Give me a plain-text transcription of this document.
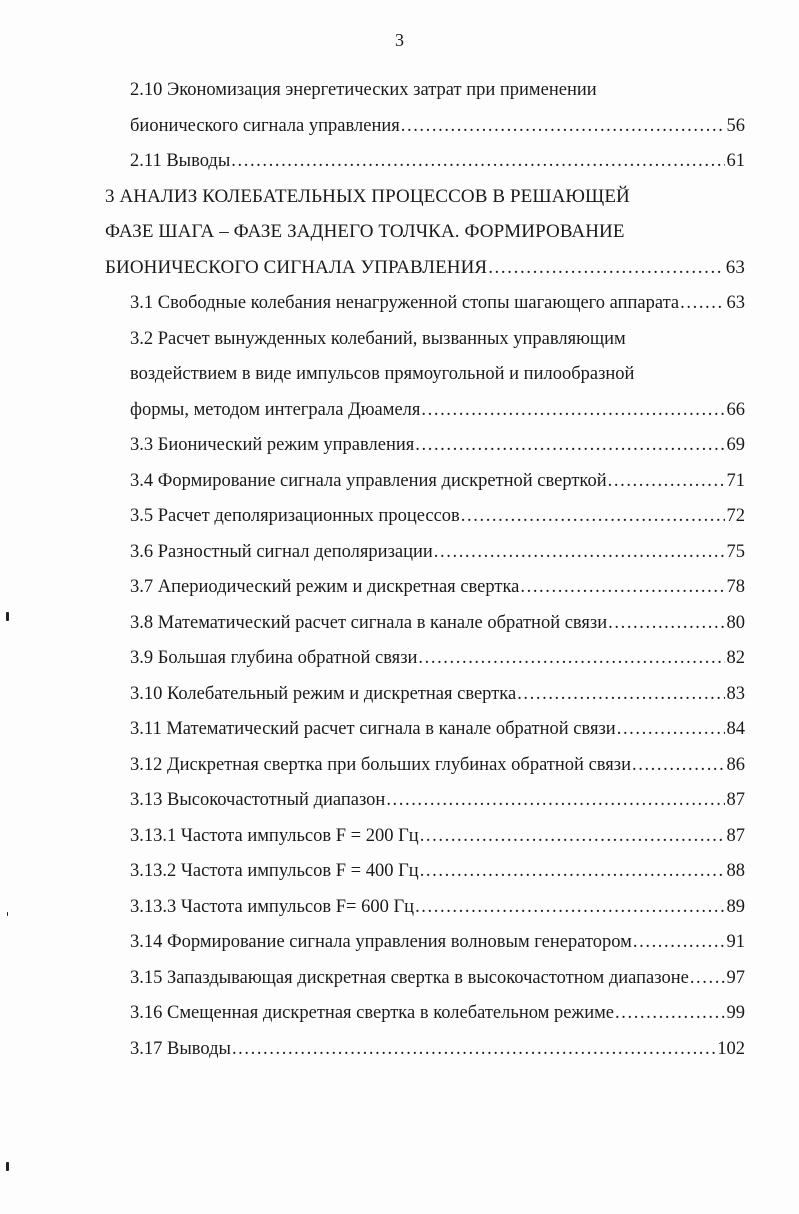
3
2.10 Экономизация энергетических затрат при применении
бионического сигнала управления .....	56
2.11 Выводы .....	61
3 АНАЛИЗ КОЛЕБАТЕЛЬНЫХ ПРОЦЕССОВ В РЕШАЮЩЕЙ
ФАЗЕ ШАГА – ФАЗЕ ЗАДНЕГО ТОЛЧКА. ФОРМИРОВАНИЕ
БИОНИЧЕСКОГО СИГНАЛА УПРАВЛЕНИЯ .....	63
3.1 Свободные колебания ненагруженной стопы шагающего аппарата .....	63
3.2 Расчет вынужденных колебаний, вызванных управляющим
воздействием в виде импульсов прямоугольной и пилообразной
формы, методом интеграла Дюамеля .....	66
3.3 Бионический режим управления .....	69
3.4 Формирование сигнала управления дискретной сверткой .....	71
3.5 Расчет деполяризационных процессов .....	72
3.6 Разностный сигнал деполяризации .....	75
3.7 Апериодический режим и дискретная свертка .....	78
3.8 Математический расчет сигнала в канале обратной связи .....	80
3.9 Большая глубина обратной связи .....	82
3.10 Колебательный режим и дискретная свертка .....	83
3.11 Математический расчет сигнала в канале обратной связи .....	84
3.12 Дискретная свертка при больших глубинах обратной связи .....	86
3.13 Высокочастотный диапазон .....	87
3.13.1 Частота импульсов F = 200 Гц .....	87
3.13.2 Частота импульсов F = 400 Гц .....	88
3.13.3 Частота импульсов F= 600 Гц .....	89
3.14 Формирование сигнала управления волновым генератором .....	91
3.15 Запаздывающая дискретная свертка в высокочастотном диапазоне ..... 97
3.16 Смещенная дискретная свертка в колебательном режиме .....	99
3.17 Выводы .....	102
